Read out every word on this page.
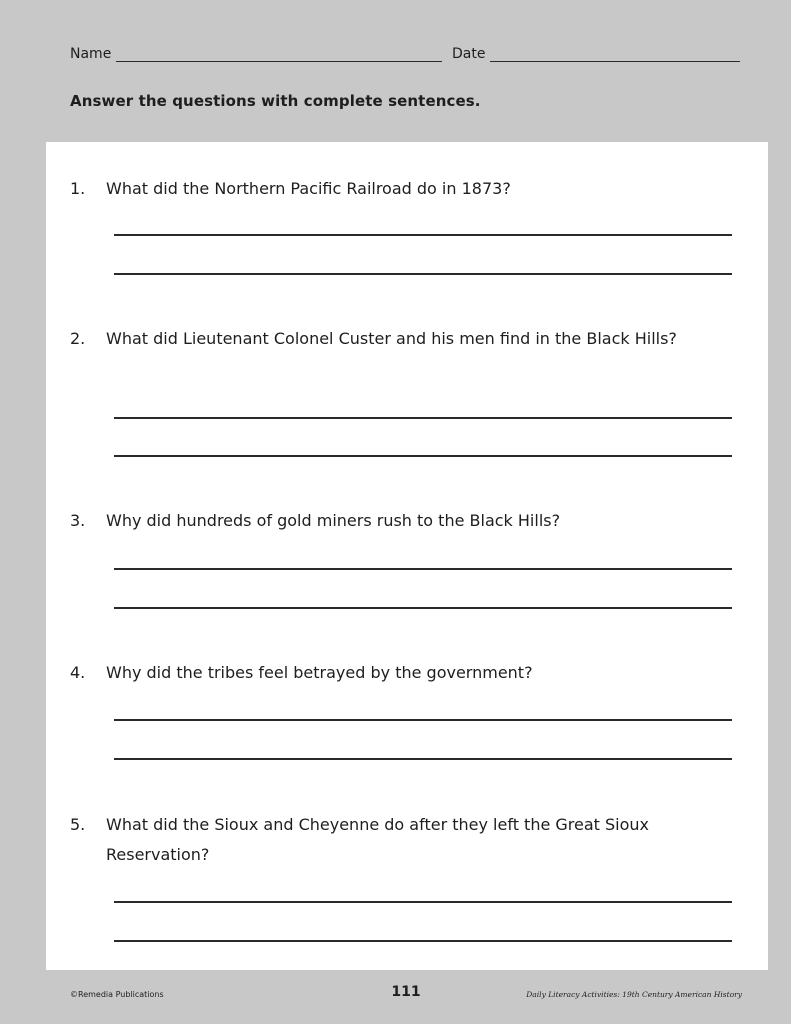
Name	Date
Answer the questions with complete sentences.
1. What did the Northern Pacific Railroad do in 1873?
2. What did Lieutenant Colonel Custer and his men find in the Black Hills?
3. Why did hundreds of gold miners rush to the Black Hills?
4. Why did the tribes feel betrayed by the government?
5. What did the Sioux and Cheyenne do after they left the Great Sioux Reservation?
©Remedia Publications	111	Daily Literacy Activities: 19th Century American History
